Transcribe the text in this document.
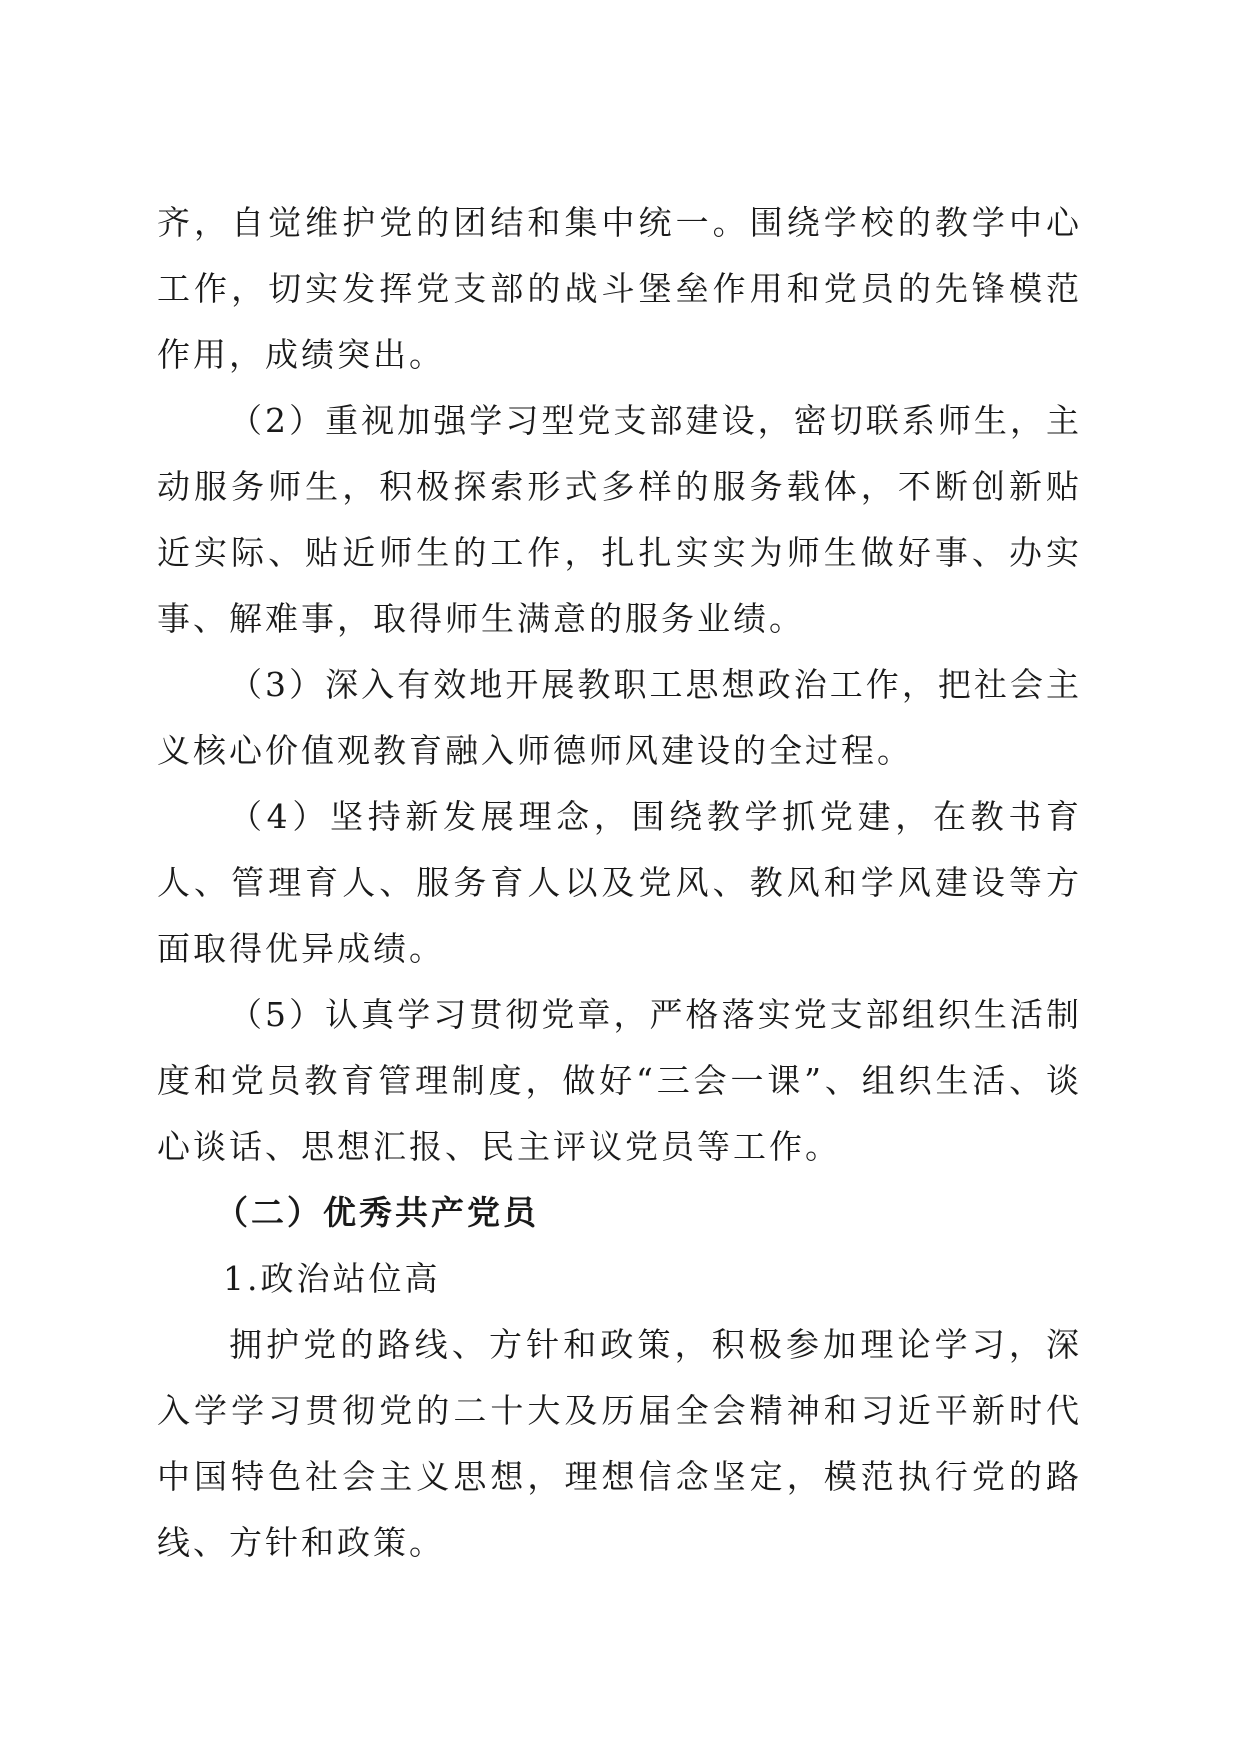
齐，自觉维护党的团结和集中统一。围绕学校的教学中心工作，切实发挥党支部的战斗堡垒作用和党员的先锋模范作用，成绩突出。

（2）重视加强学习型党支部建设，密切联系师生，主动服务师生，积极探索形式多样的服务载体，不断创新贴近实际、贴近师生的工作，扎扎实实为师生做好事、办实事、解难事，取得师生满意的服务业绩。

（3）深入有效地开展教职工思想政治工作，把社会主义核心价值观教育融入师德师风建设的全过程。

（4）坚持新发展理念，围绕教学抓党建，在教书育人、管理育人、服务育人以及党风、教风和学风建设等方面取得优异成绩。

（5）认真学习贯彻党章，严格落实党支部组织生活制度和党员教育管理制度，做好“三会一课”、组织生活、谈心谈话、思想汇报、民主评议党员等工作。

（二）优秀共产党员

1.政治站位高

拥护党的路线、方针和政策，积极参加理论学习，深入学学习贯彻党的二十大及历届全会精神和习近平新时代中国特色社会主义思想，理想信念坚定，模范执行党的路线、方针和政策。
